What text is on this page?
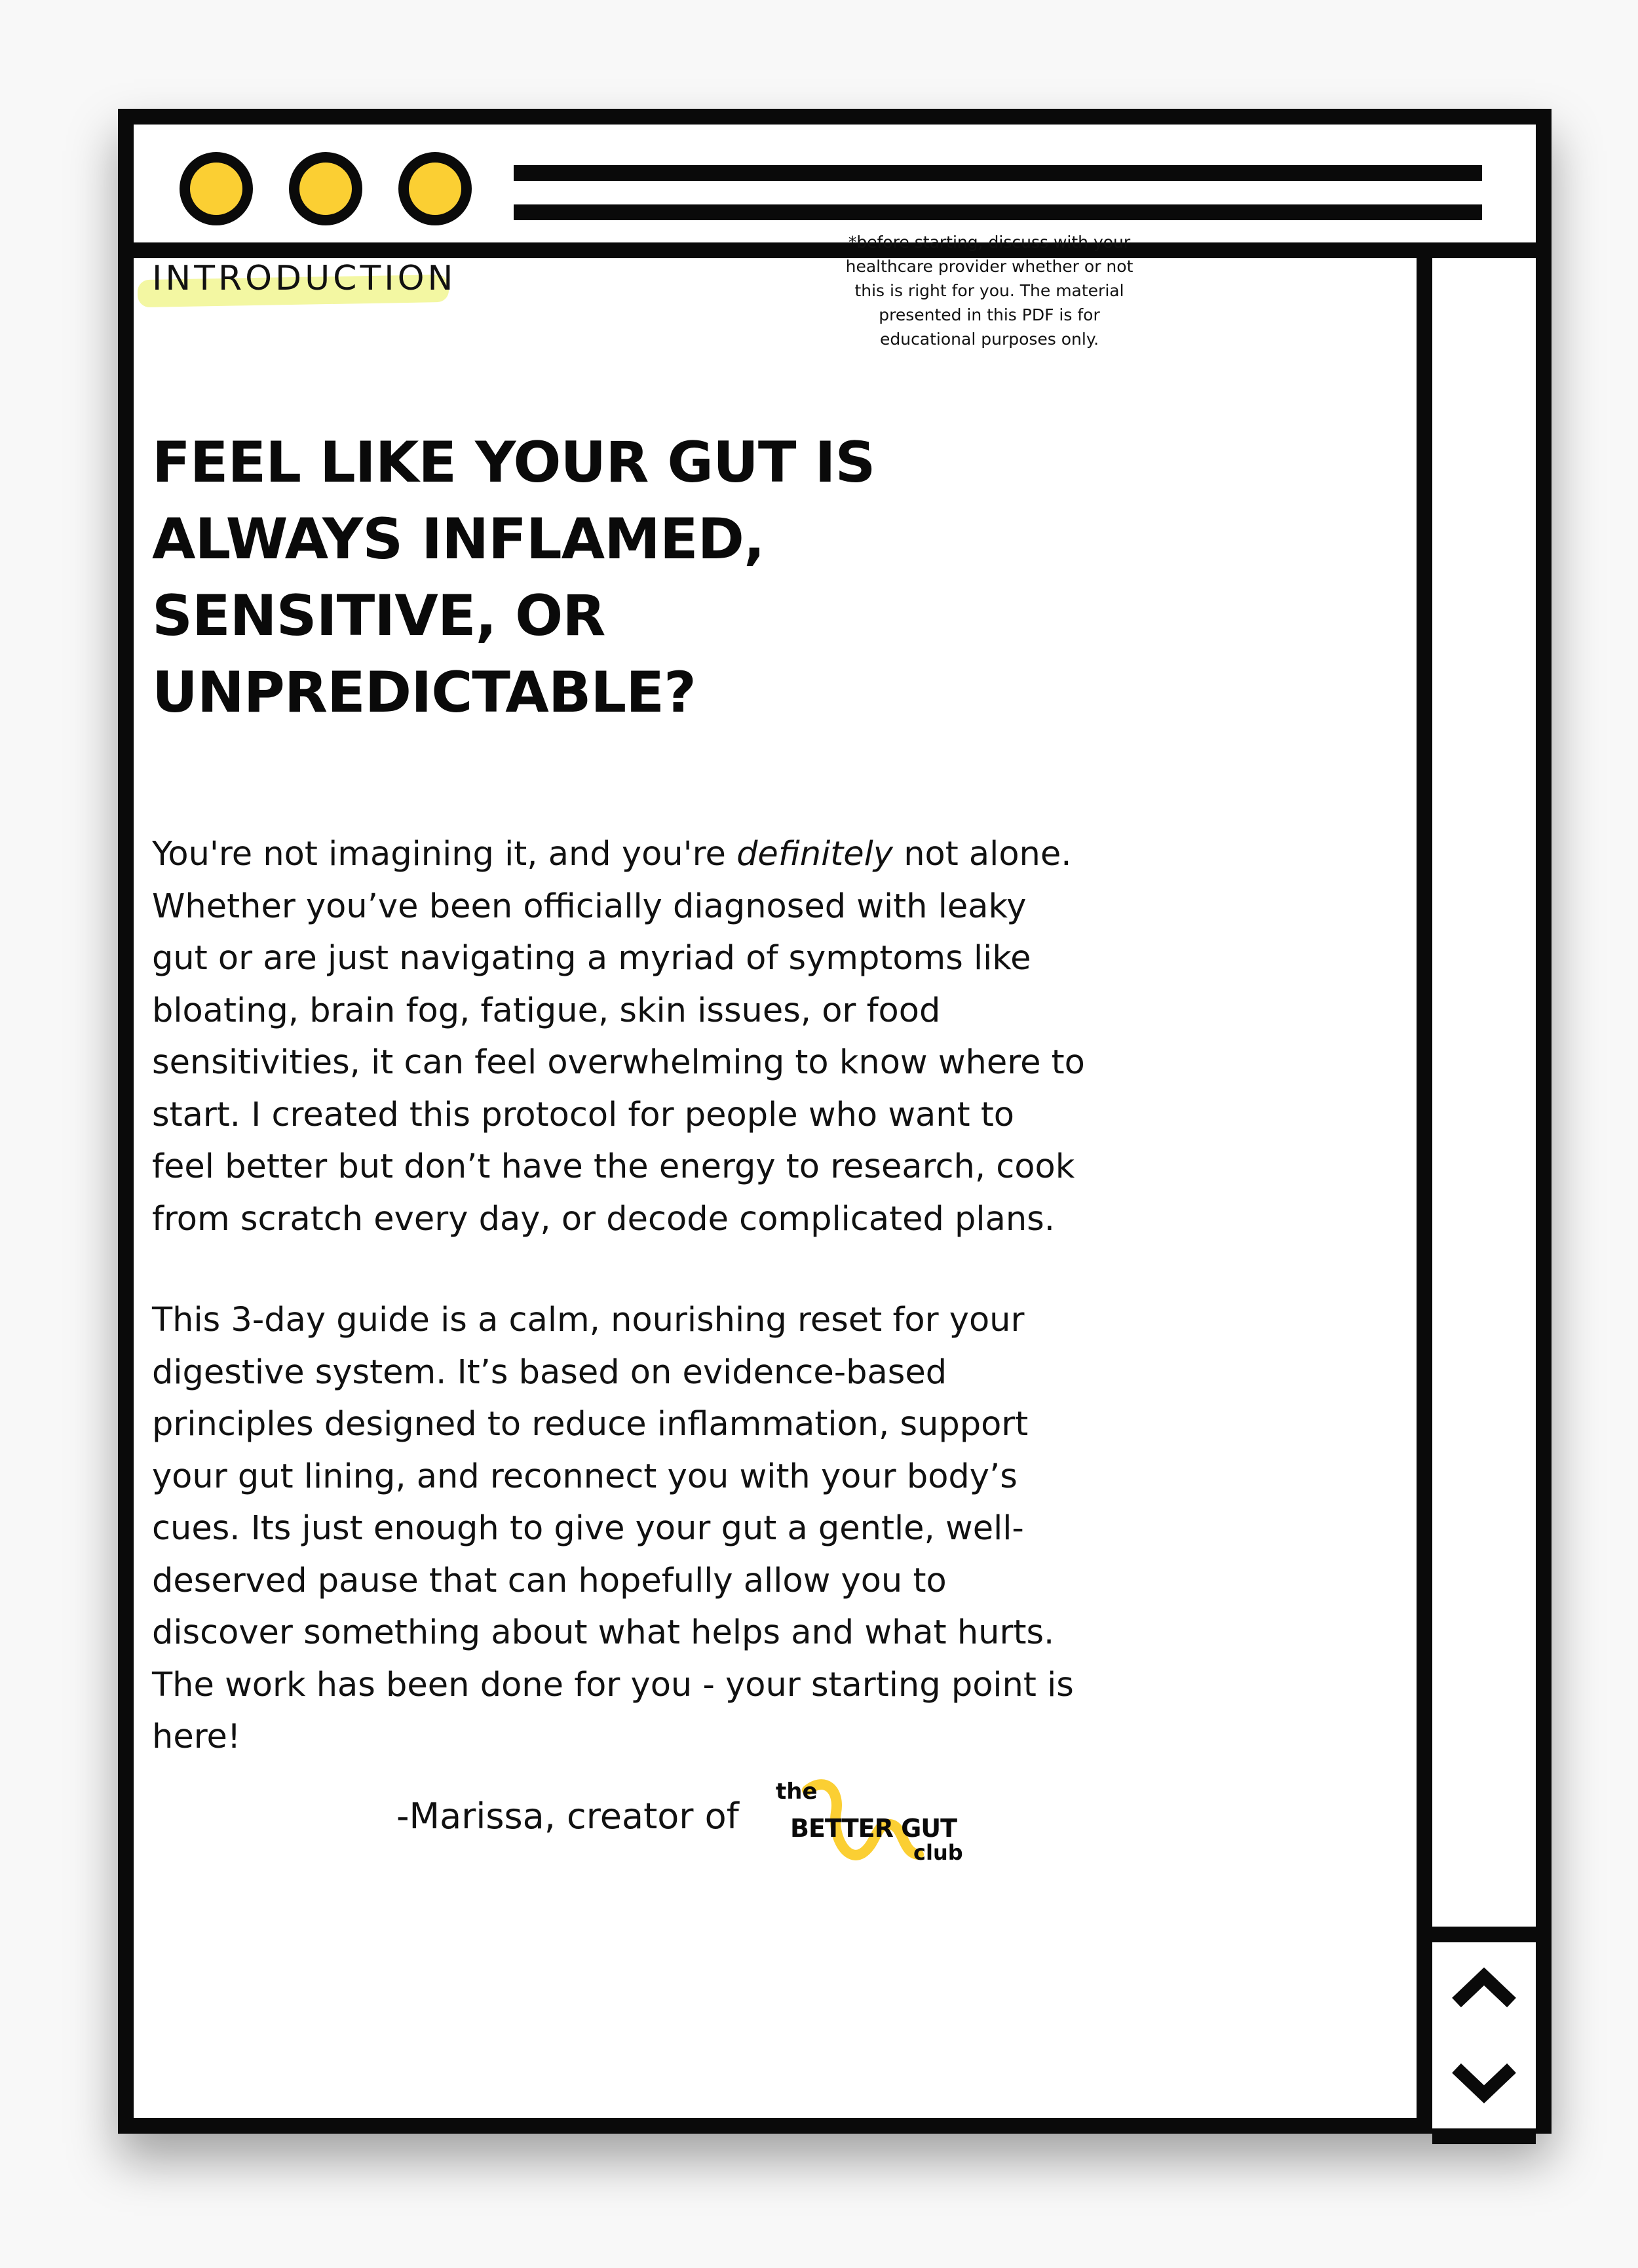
INTRODUCTION
*before starting, discuss with your
healthcare provider whether or not
this is right for you. The material
presented in this PDF is for
educational purposes only.
FEEL LIKE YOUR GUT IS
ALWAYS INFLAMED,
SENSITIVE, OR
UNPREDICTABLE?
You're not imagining it, and you're definitely not alone.
Whether you’ve been officially diagnosed with leaky
gut or are just navigating a myriad of symptoms like
bloating, brain fog, fatigue, skin issues, or food
sensitivities, it can feel overwhelming to know where to
start. I created this protocol for people who want to
feel better but don’t have the energy to research, cook
from scratch every day, or decode complicated plans.
This 3-day guide is a calm, nourishing reset for your
digestive system. It’s based on evidence-based
principles designed to reduce inflammation, support
your gut lining, and reconnect you with your body’s
cues. Its just enough to give your gut a gentle, well-
deserved pause that can hopefully allow you to
discover something about what helps and what hurts.
The work has been done for you - your starting point is
here!
-Marissa, creator of
the
BETTER GUT
club
